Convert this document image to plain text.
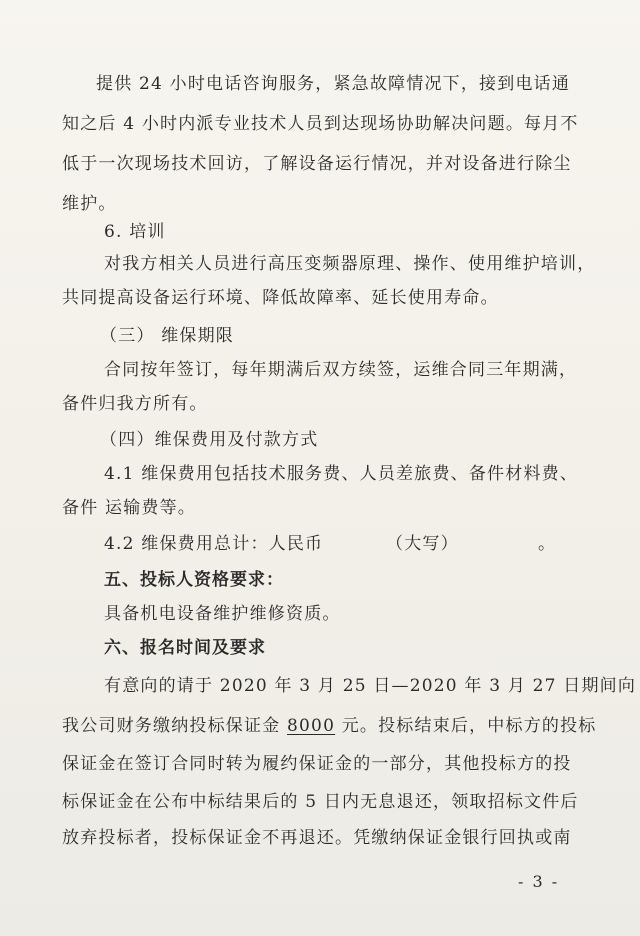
提供 24 小时电话咨询服务，紧急故障情况下，接到电话通
知之后 4 小时内派专业技术人员到达现场协助解决问题。每月不
低于一次现场技术回访，了解设备运行情况，并对设备进行除尘
维护。
6. 培训
对我方相关人员进行高压变频器原理、操作、使用维护培训，
共同提高设备运行环境、降低故障率、延长使用寿命。
（三） 维保期限
合同按年签订，每年期满后双方续签，运维合同三年期满，
备件归我方所有。
（四）维保费用及付款方式
4.1 维保费用包括技术服务费、人员差旅费、备件材料费、
备件 运输费等。
4.2 维保费用总计：人民币	（大写）	。
五、投标人资格要求：
具备机电设备维护维修资质。
六、报名时间及要求
有意向的请于 2020 年 3 月 25 日—2020 年 3 月 27 日期间向
我公司财务缴纳投标保证金 8000 元。投标结束后，中标方的投标
保证金在签订合同时转为履约保证金的一部分，其他投标方的投
标保证金在公布中标结果后的 5 日内无息退还，领取招标文件后
放弃投标者，投标保证金不再退还。凭缴纳保证金银行回执或南
- 3 -
